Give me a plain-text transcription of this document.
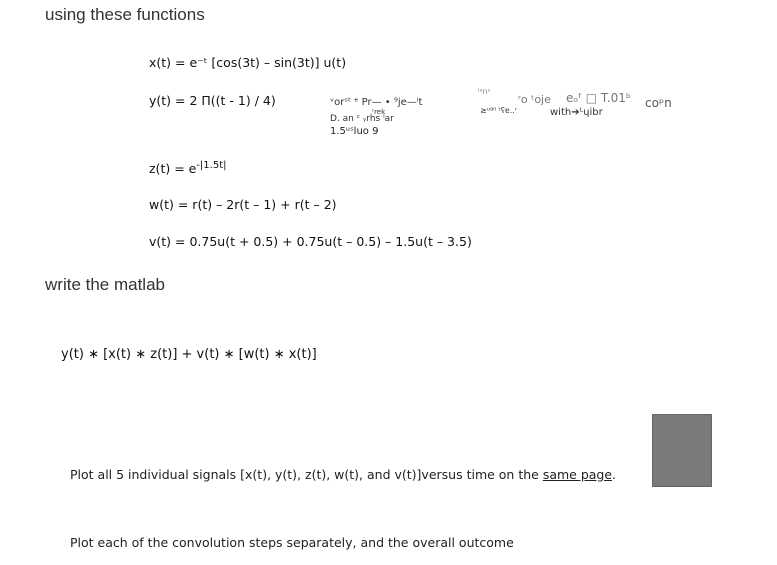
using these functions
x(t) = e⁻ᵗ [cos(3t) – sin(3t)] u(t)
y(t) = 2 Π((t - 1) / 4)	ᵛorˢᵗ ᵉ Pr— • ⁹je—ⁱt
ᵗrek
ˡᵃnˢ
ʳo ᵗoje eₒᶠ □ T.01ᵇ coᵖn
≥ᵘ⁹ⁱˡ ᵗʕɐ..ʳ
D. an ᶜ ᵧrhs ˡar
with➔ᴸɥibr
1.5ᵘˢluo 9
$z(t) = e^{-|1.5t|}$
w(t) = r(t) – 2r(t – 1) + r(t – 2)
v(t) = 0.75u(t + 0.5) + 0.75u(t – 0.5) – 1.5u(t – 3.5)
write the matlab
y(t) ∗ [x(t) ∗ z(t)] + v(t) ∗ [w(t) ∗ x(t)]
Plot all 5 individual signals [x(t), y(t), z(t), w(t), and v(t)]versus time on the same page.
Plot each of the convolution steps separately, and the overall outcome
